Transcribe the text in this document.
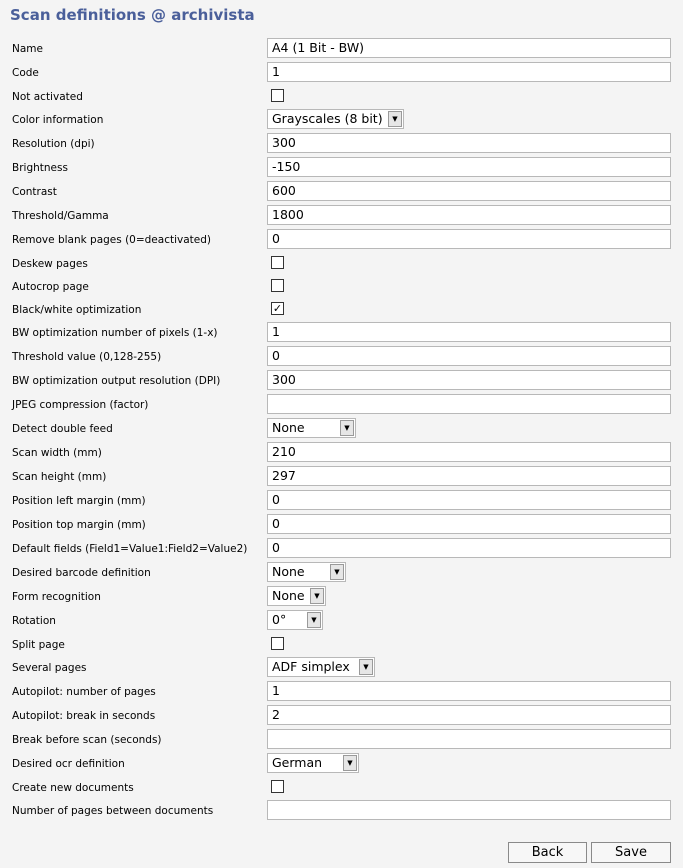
Scan definitions @ archivista
Name	A4 (1 Bit - BW)
Code	1
Not activated
Color information	Grayscales (8 bit)	▼
Resolution (dpi)	300
Brightness	-150
Contrast	600
Threshold/Gamma	1800
Remove blank pages (0=deactivated)	0
Deskew pages
Autocrop page
Black/white optimization	✓
BW optimization number of pixels (1-x)	1
Threshold value (0,128-255)	0
BW optimization output resolution (DPI)	300
JPEG compression (factor)
Detect double feed	None	▼
Scan width (mm)	210
Scan height (mm)	297
Position left margin (mm)	0
Position top margin (mm)	0
Default fields (Field1=Value1:Field2=Value2)	0
Desired barcode definition	None	▼
Form recognition	None	▼
Rotation	0°	▼
Split page
Several pages	ADF simplex	▼
Autopilot: number of pages	1
Autopilot: break in seconds	2
Break before scan (seconds)
Desired ocr definition	German	▼
Create new documents
Number of pages between documents
Back	Save
